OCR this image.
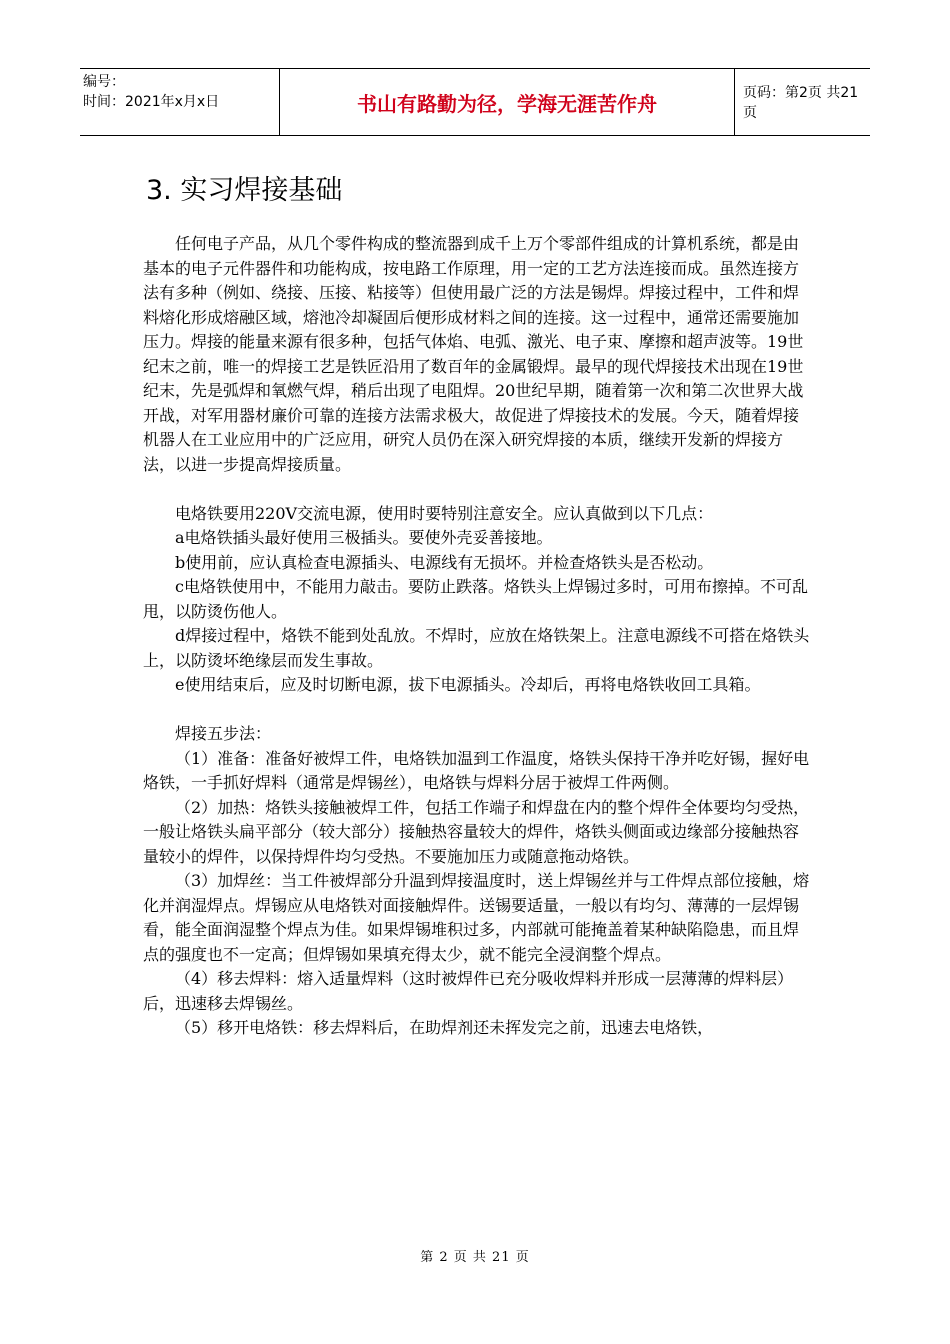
编号：
时间：2021年x月x日	书山有路勤为径，学海无涯苦作舟	页码：第2页 共21页
3. 实习焊接基础

任何电子产品，从几个零件构成的整流器到成千上万个零部件组成的计算机系统，都是由基本的电子元件器件和功能构成，按电路工作原理，用一定的工艺方法连接而成。虽然连接方法有多种（例如、绕接、压接、粘接等）但使用最广泛的方法是锡焊。焊接过程中，工件和焊料熔化形成熔融区域，熔池冷却凝固后便形成材料之间的连接。这一过程中，通常还需要施加压力。焊接的能量来源有很多种，包括气体焰、电弧、激光、电子束、摩擦和超声波等。19世纪末之前，唯一的焊接工艺是铁匠沿用了数百年的金属锻焊。最早的现代焊接技术出现在19世纪末，先是弧焊和氧燃气焊，稍后出现了电阻焊。20世纪早期，随着第一次和第二次世界大战开战，对军用器材廉价可靠的连接方法需求极大，故促进了焊接技术的发展。今天，随着焊接机器人在工业应用中的广泛应用，研究人员仍在深入研究焊接的本质，继续开发新的焊接方法，以进一步提高焊接质量。

电烙铁要用220V交流电源，使用时要特别注意安全。应认真做到以下几点：

a电烙铁插头最好使用三极插头。要使外壳妥善接地。

b使用前，应认真检查电源插头、电源线有无损坏。并检查烙铁头是否松动。

c电烙铁使用中，不能用力敲击。要防止跌落。烙铁头上焊锡过多时，可用布擦掉。不可乱甩，以防烫伤他人。

d焊接过程中，烙铁不能到处乱放。不焊时，应放在烙铁架上。注意电源线不可搭在烙铁头上，以防烫坏绝缘层而发生事故。

e使用结束后，应及时切断电源，拔下电源插头。冷却后，再将电烙铁收回工具箱。

焊接五步法：

（1）准备：准备好被焊工件，电烙铁加温到工作温度，烙铁头保持干净并吃好锡，握好电烙铁，一手抓好焊料（通常是焊锡丝），电烙铁与焊料分居于被焊工件两侧。

（2）加热：烙铁头接触被焊工件，包括工作端子和焊盘在内的整个焊件全体要均匀受热，一般让烙铁头扁平部分（较大部分）接触热容量较大的焊件，烙铁头侧面或边缘部分接触热容量较小的焊件，以保持焊件均匀受热。不要施加压力或随意拖动烙铁。

（3）加焊丝：当工件被焊部分升温到焊接温度时，送上焊锡丝并与工件焊点部位接触，熔化并润湿焊点。焊锡应从电烙铁对面接触焊件。送锡要适量，一般以有均匀、薄薄的一层焊锡看，能全面润湿整个焊点为佳。如果焊锡堆积过多，内部就可能掩盖着某种缺陷隐患，而且焊点的强度也不一定高；但焊锡如果填充得太少，就不能完全浸润整个焊点。

（4）移去焊料：熔入适量焊料（这时被焊件已充分吸收焊料并形成一层薄薄的焊料层）后，迅速移去焊锡丝。

（5）移开电烙铁：移去焊料后，在助焊剂还未挥发完之前，迅速去电烙铁，

第 2 页 共 21 页
